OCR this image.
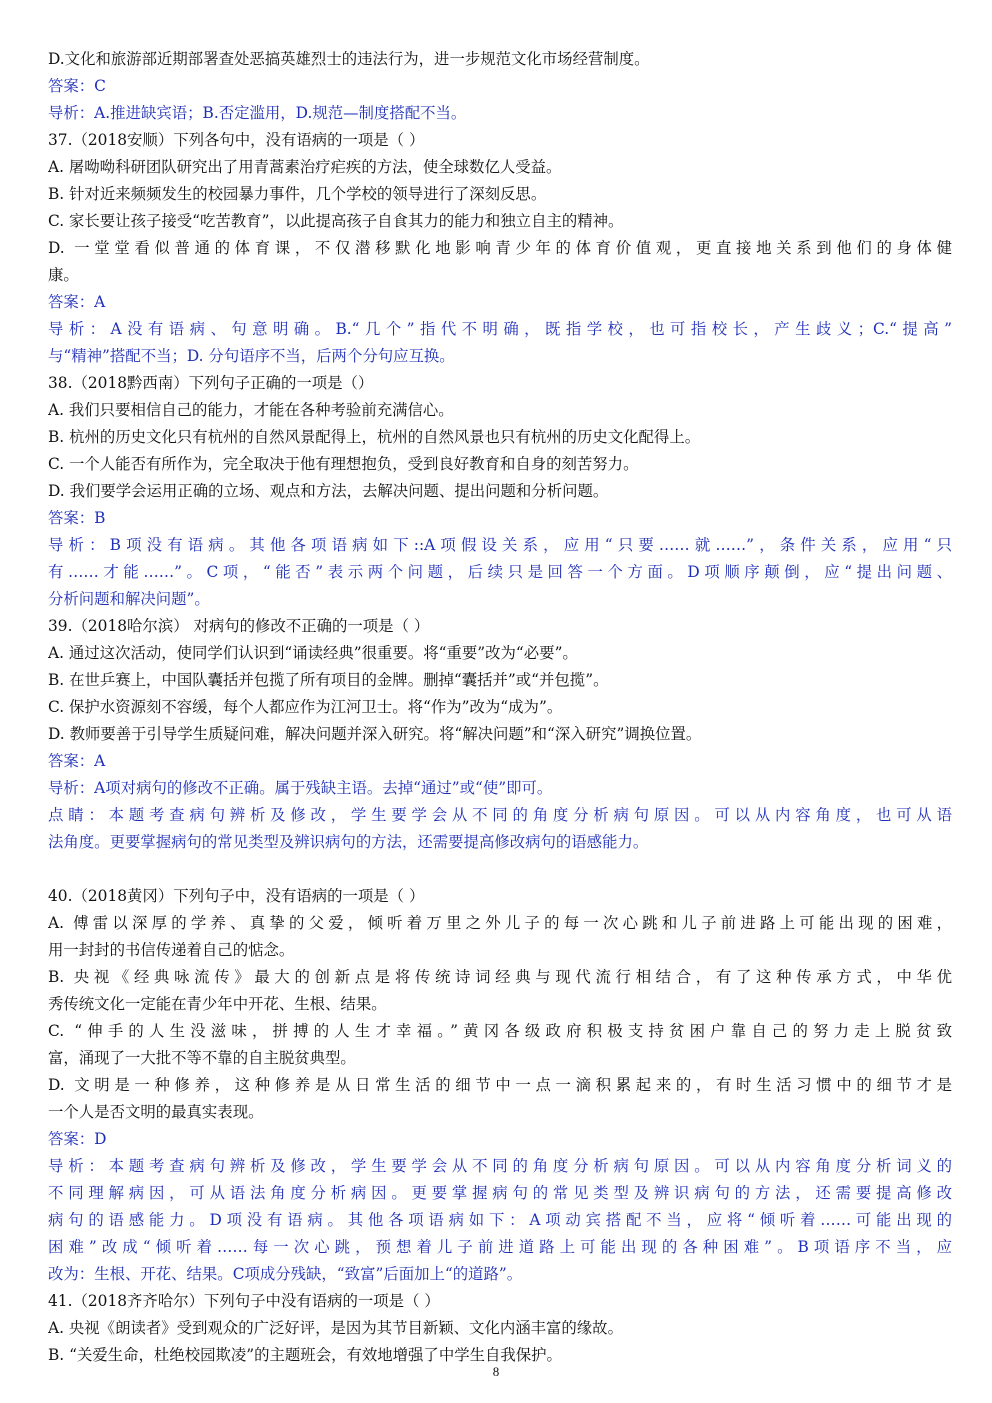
D.文化和旅游部近期部署查处恶搞英雄烈士的违法行为，进一步规范文化市场经营制度。
答案：C
导析：A.推进缺宾语；B.否定滥用，D.规范—制度搭配不当。
37.（2018安顺）下列各句中，没有语病的一项是（ ）
A. 屠呦呦科研团队研究出了用青蒿素治疗疟疾的方法，使全球数亿人受益。
B. 针对近来频频发生的校园暴力事件，几个学校的领导进行了深刻反思。
C. 家长要让孩子接受“吃苦教育”，以此提高孩子自食其力的能力和独立自主的精神。
D. 一堂堂看似普通的体育课，不仅潜移默化地影响青少年的体育价值观，更直接地关系到他们的身体健
康。
答案：A
导析：A没有语病、句意明确。B.“几个”指代不明确，既指学校，也可指校长，产生歧义；C.“提高”
与“精神”搭配不当；D. 分句语序不当，后两个分句应互换。
38.（2018黔西南）下列句子正确的一项是（）
A. 我们只要相信自己的能力，才能在各种考验前充满信心。
B. 杭州的历史文化只有杭州的自然风景配得上，杭州的自然风景也只有杭州的历史文化配得上。
C. 一个人能否有所作为，完全取决于他有理想抱负，受到良好教育和自身的刻苦努力。
D. 我们要学会运用正确的立场、观点和方法，去解决问题、提出问题和分析问题。
答案：B
导析：B项没有语病。其他各项语病如下::A项假设关系，应用“只要……就……”，条件关系，应用“只
有……才能……”。C项，“能否”表示两个问题，后续只是回答一个方面。D项顺序颠倒，应“提出问题、
分析问题和解决问题”。
39.（2018哈尔滨） 对病句的修改不正确的一项是（ ）
A. 通过这次活动，使同学们认识到“诵读经典”很重要。将“重要”改为“必要”。
B. 在世乒赛上，中国队囊括并包揽了所有项目的金牌。删掉“囊括并”或“并包揽”。
C. 保护水资源刻不容缓，每个人都应作为江河卫士。将“作为”改为“成为”。
D. 教师要善于引导学生质疑问难，解决问题并深入研究。将“解决问题”和“深入研究”调换位置。
答案：A
导析：A项对病句的修改不正确。属于残缺主语。去掉“通过”或“使”即可。
点睛：本题考查病句辨析及修改，学生要学会从不同的角度分析病句原因。可以从内容角度，也可从语
法角度。更要掌握病句的常见类型及辨识病句的方法，还需要提高修改病句的语感能力。
40.（2018黄冈）下列句子中，没有语病的一项是（ ）
A. 傅雷以深厚的学养、真挚的父爱，倾听着万里之外儿子的每一次心跳和儿子前进路上可能出现的困难，
用一封封的书信传递着自己的惦念。
B. 央视《经典咏流传》最大的创新点是将传统诗词经典与现代流行相结合，有了这种传承方式，中华优
秀传统文化一定能在青少年中开花、生根、结果。
C. “伸手的人生没滋味，拼搏的人生才幸福。”黄冈各级政府积极支持贫困户靠自己的努力走上脱贫致
富，涌现了一大批不等不靠的自主脱贫典型。
D. 文明是一种修养，这种修养是从日常生活的细节中一点一滴积累起来的，有时生活习惯中的细节才是
一个人是否文明的最真实表现。
答案：D
导析：本题考查病句辨析及修改，学生要学会从不同的角度分析病句原因。可以从内容角度分析词义的
不同理解病因，可从语法角度分析病因。更要掌握病句的常见类型及辨识病句的方法，还需要提高修改
病句的语感能力。D项没有语病。其他各项语病如下：A项动宾搭配不当，应将“倾听着……可能出现的
困难”改成“倾听着……每一次心跳，预想着儿子前进道路上可能出现的各种困难”。B项语序不当，应
改为：生根、开花、结果。C项成分残缺，“致富”后面加上“的道路”。
41.（2018齐齐哈尔）下列句子中没有语病的一项是（ ）
A. 央视《朗读者》受到观众的广泛好评，是因为其节目新颖、文化内涵丰富的缘故。
B. “关爱生命，杜绝校园欺凌”的主题班会，有效地增强了中学生自我保护。
8
